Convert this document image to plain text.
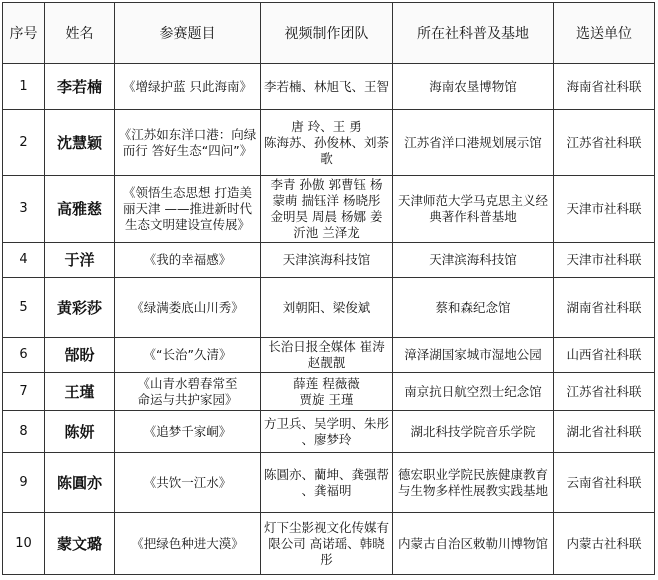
序号	姓名	参赛题目	视频制作团队	所在社科普及基地	选送单位
1	李若楠	《增绿护蓝 只此海南》	李若楠、林旭飞、王智	海南农垦博物馆	海南省社科联
2	沈慧颖	《江苏如东洋口港：向绿
而行 答好生态“四问”》	唐 玲、王 勇
陈海苏、孙俊林、刘荼
歌	江苏省洋口港规划展示馆	江苏省社科联
3	高雅慈	《领悟生态思想 打造美
丽天津 ——推进新时代
生态文明建设宣传展》	李青 孙傲 郭曹钰 杨
蒙萌 揣钰洋 杨晓彤
金明昊 周晨 杨娜 姜
沂池 兰泽龙	天津师范大学马克思主义经
典著作科普基地	天津市社科联
4	于洋	《我的幸福感》	天津滨海科技馆	天津滨海科技馆	天津市社科联
5	黄彩莎	《绿满娄底山川秀》	刘朝阳、梁俊斌	蔡和森纪念馆	湖南省社科联
6	郜盼	《“长治”久清》	长治日报全媒体 崔涛
赵靓靓	漳泽湖国家城市湿地公园	山西省社科联
7	王瑾	《山青水碧春常至
命运与共护家园》	薛莲 程薇薇
贾旋 王瑾	南京抗日航空烈士纪念馆	江苏省社科联
8	陈妍	《追梦千家峒》	方卫兵、吴学明、朱彤
、廖梦玲	湖北科技学院音乐学院	湖北省社科联
9	陈圓亦	《共饮一江水》	陈圓亦、藺坤、龚强帮
、龚福明	德宏职业学院民族健康教育
与生物多样性展教实践基地	云南省社科联
10	蒙文璐	《把绿色种进大漠》	灯下尘影视文化传媒有
限公司 高诺瑶、韩晓
彤	内蒙古自治区敕勒川博物馆	内蒙古社科联
